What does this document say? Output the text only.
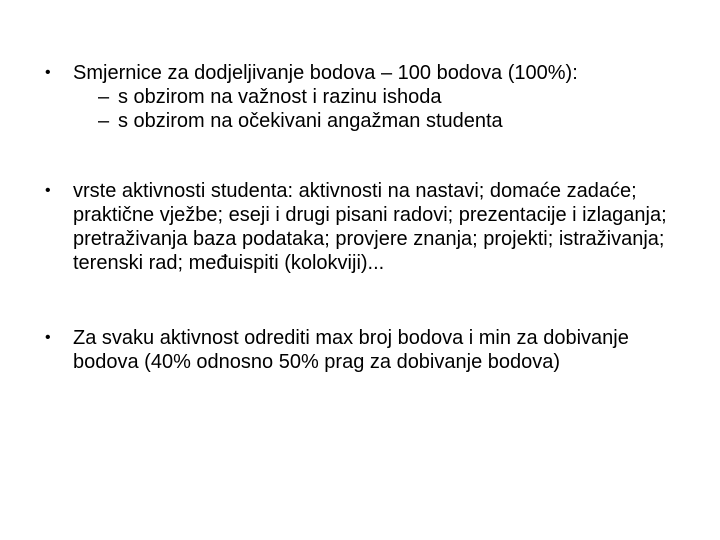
•	Smjernice za dodjeljivanje bodova – 100 bodova (100%):
– s obzirom na važnost i razinu ishoda
– s obzirom na očekivani angažman studenta
•	vrste aktivnosti studenta: aktivnosti na nastavi; domaće zadaće; praktične vježbe; eseji i drugi pisani radovi; prezentacije i izlaganja; pretraživanja baza podataka; provjere znanja; projekti; istraživanja; terenski rad; međuispiti (kolokviji)...
•	Za svaku aktivnost odrediti max broj bodova i min za dobivanje bodova (40% odnosno 50% prag za dobivanje bodova)
